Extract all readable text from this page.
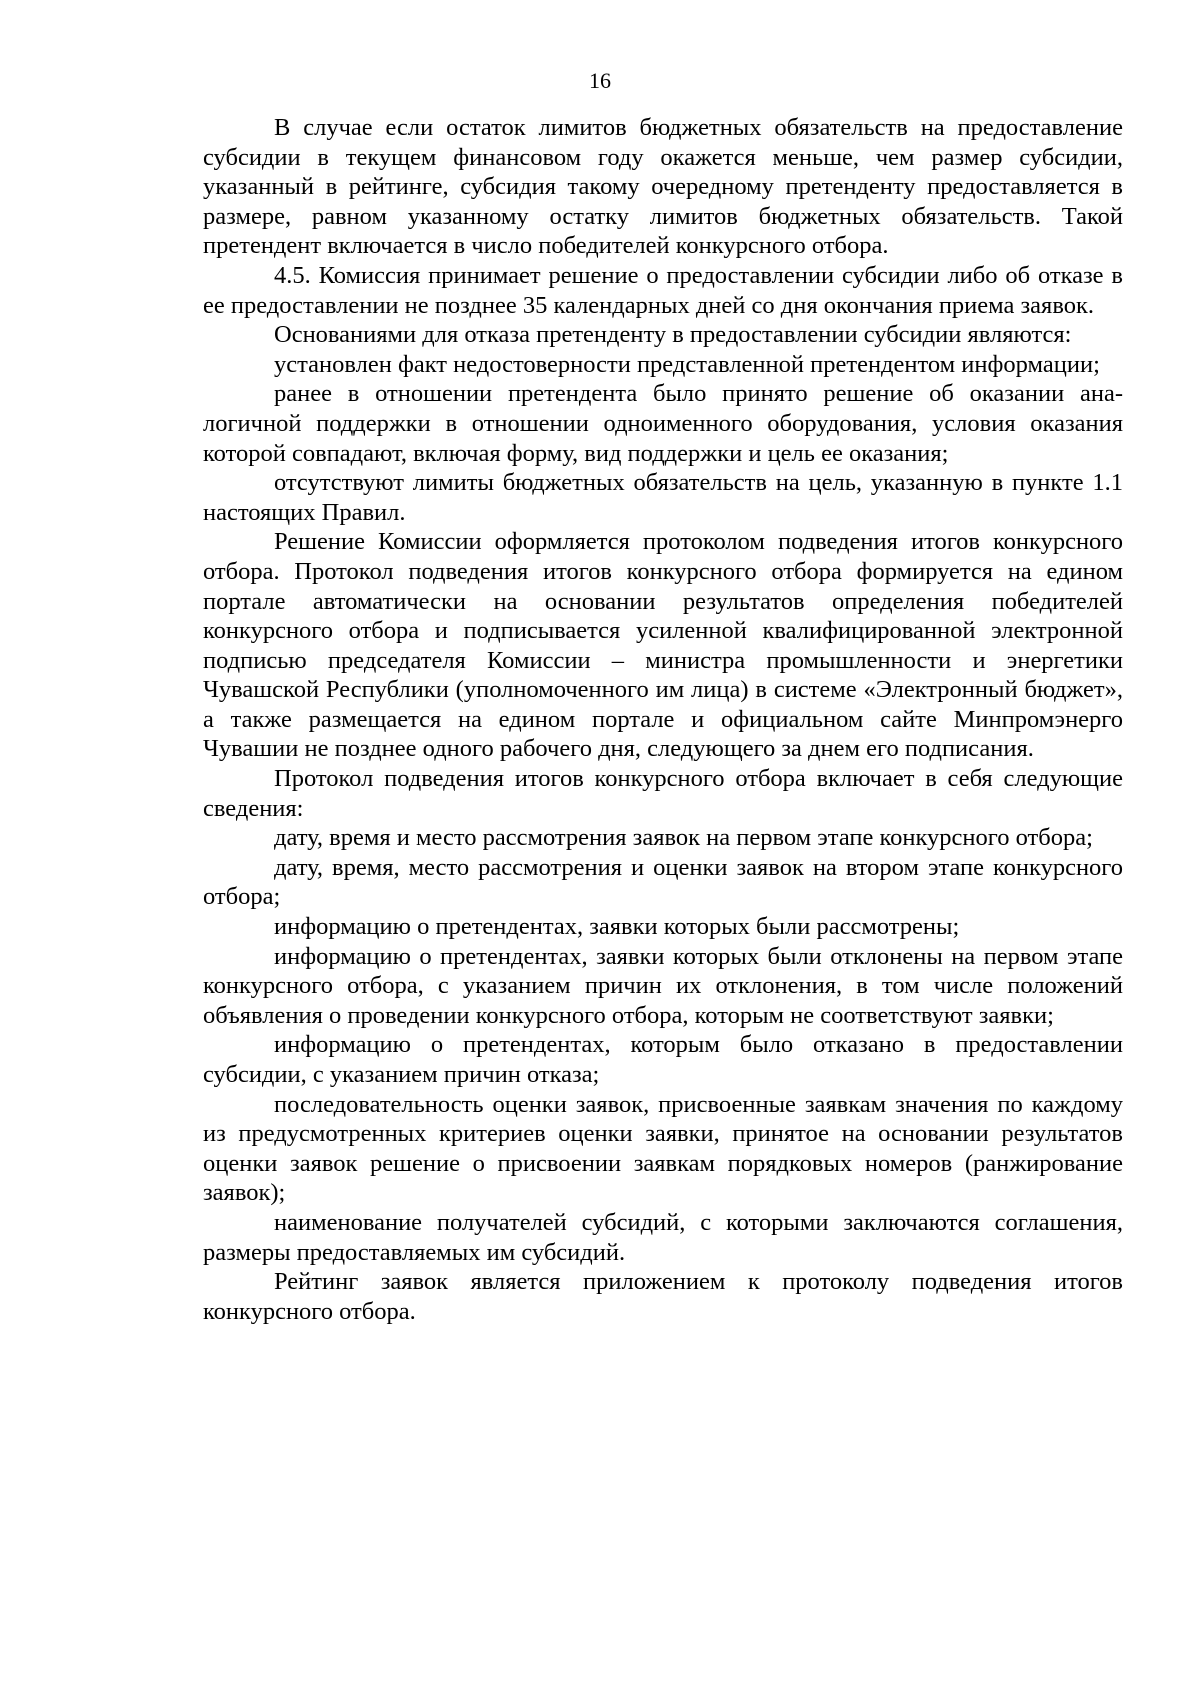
16

В случае если остаток лимитов бюджетных обязательств на предоставление субсидии в текущем финансовом году окажется меньше, чем размер субсидии, указанный в рейтинге, субсидия такому очередному претенденту предоставляется в размере, равном указанному остатку лимитов бюджетных обязательств. Такой претендент включается в число победителей конкурсного отбора.

4.5. Комиссия принимает решение о предоставлении субсидии либо об отказе в ее предоставлении не позднее 35 календарных дней со дня окончания приема заявок.

Основаниями для отказа претенденту в предоставлении субсидии являются:

установлен факт недостоверности представленной претендентом информации;

ранее в отношении претендента было принято решение об оказании аналогичной поддержки в отношении одноименного оборудования, условия оказания которой совпадают, включая форму, вид поддержки и цель ее оказания;

отсутствуют лимиты бюджетных обязательств на цель, указанную в пункте 1.1 настоящих Правил.

Решение Комиссии оформляется протоколом подведения итогов конкурсного отбора. Протокол подведения итогов конкурсного отбора формируется на едином портале автоматически на основании результатов определения победителей конкурсного отбора и подписывается усиленной квалифицированной электронной подписью председателя Комиссии – министра промышленности и энергетики Чувашской Республики (уполномоченного им лица) в системе «Электронный бюджет», а также размещается на едином портале и официальном сайте Минпромэнерго Чувашии не позднее одного рабочего дня, следующего за днем его подписания.

Протокол подведения итогов конкурсного отбора включает в себя следующие сведения:

дату, время и место рассмотрения заявок на первом этапе конкурсного отбора;

дату, время, место рассмотрения и оценки заявок на втором этапе конкурсного отбора;

информацию о претендентах, заявки которых были рассмотрены;

информацию о претендентах, заявки которых были отклонены на первом этапе конкурсного отбора, с указанием причин их отклонения, в том числе положений объявления о проведении конкурсного отбора, которым не соответствуют заявки;

информацию о претендентах, которым было отказано в предоставлении субсидии, с указанием причин отказа;

последовательность оценки заявок, присвоенные заявкам значения по каждому из предусмотренных критериев оценки заявки, принятое на основании результатов оценки заявок решение о присвоении заявкам порядковых номеров (ранжирование заявок);

наименование получателей субсидий, с которыми заключаются соглашения, размеры предоставляемых им субсидий.

Рейтинг заявок является приложением к протоколу подведения итогов конкурсного отбора.
